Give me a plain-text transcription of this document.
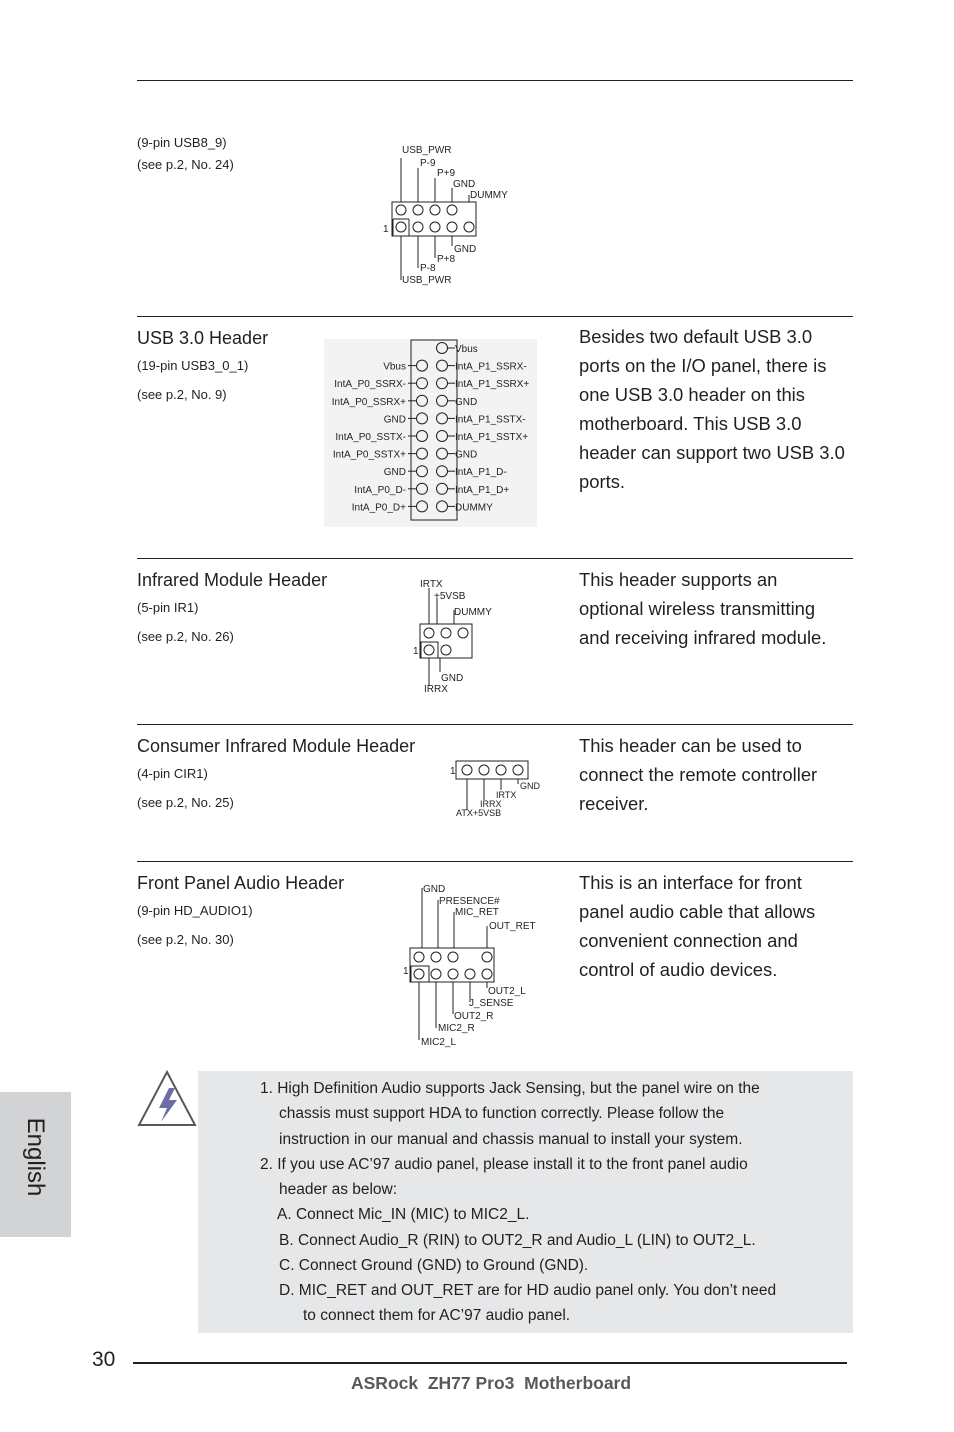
(9-pin USB8_9)
(see p.2, No. 24)
USB_PWR
P-9
P+9
GND
DUMMY
1
GND
P+8
P-8
USB_PWR
USB 3.0 Header
(19-pin USB3_0_1)
(see p.2, No. 9)
Vbus
IntA_P0_SSRX-
IntA_P0_SSRX+
GND
IntA_P0_SSTX-
IntA_P0_SSTX+
GND
IntA_P0_D-
IntA_P0_D+
Vbus
IntA_P1_SSRX-
IntA_P1_SSRX+
GND
IntA_P1_SSTX-
IntA_P1_SSTX+
GND
IntA_P1_D-
IntA_P1_D+
DUMMY
Besides two default USB 3.0
ports on the I/O panel, there is
one USB 3.0 header on this
motherboard. This USB 3.0
header can support two USB 3.0
ports.
Infrared Module Header
(5-pin IR1)
(see p.2, No. 26)
IRTX
+5VSB
DUMMY
1
GND
IRRX
This header supports an
optional wireless transmitting
and receiving infrared module.
Consumer Infrared Module Header
(4-pin CIR1)
(see p.2, No. 25)
1
GND
IRTX
IRRX
ATX+5VSB
This header can be used to
connect the remote controller
receiver.
Front Panel Audio Header
(9-pin HD_AUDIO1)
(see p.2, No. 30)
GND
PRESENCE#
MIC_RET
OUT_RET
1
OUT2_L
J_SENSE
OUT2_R
MIC2_R
MIC2_L
This is an interface for front
panel audio cable that allows
convenient connection and
control of audio devices.
1. High Definition Audio supports Jack Sensing, but the panel wire on the
chassis must support HDA to function correctly. Please follow the
instruction in our manual and chassis manual to install your system.
2. If you use AC’97 audio panel, please install it to the front panel audio
header as below:
A. Connect Mic_IN (MIC) to MIC2_L.
B. Connect Audio_R (RIN) to OUT2_R and Audio_L (LIN) to OUT2_L.
C. Connect Ground (GND) to Ground (GND).
D. MIC_RET and OUT_RET are for HD audio panel only. You don’t need
to connect them for AC’97 audio panel.
English
30
ASRock  ZH77 Pro3  Motherboard
